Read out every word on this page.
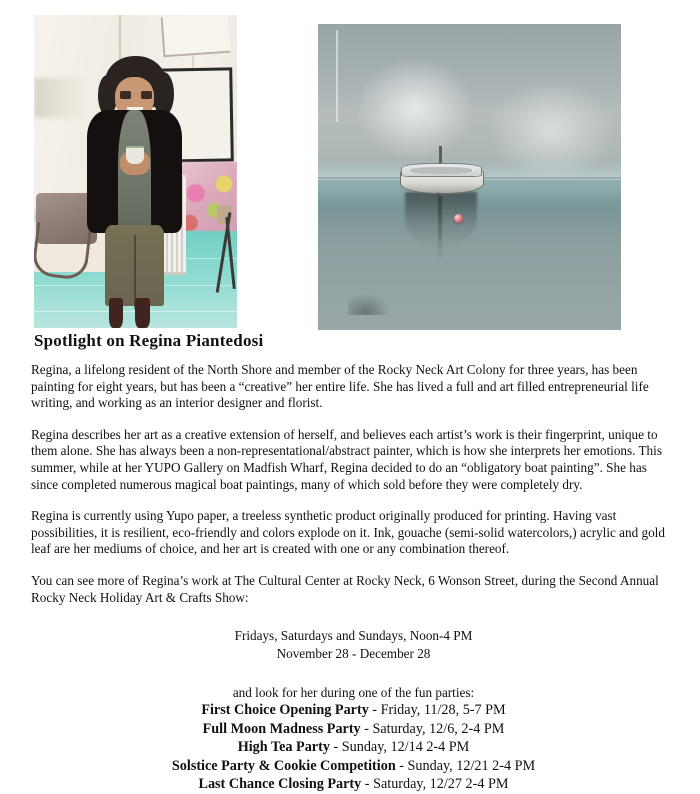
Spotlight on Regina Piantedosi

Regina, a lifelong resident of the North Shore and member of the Rocky Neck Art Colony for three years, has been painting for eight years, but has been a “creative” her entire life. She has lived a full and art filled entrepreneurial life writing, and working as an interior designer and florist.

Regina describes her art as a creative extension of herself, and believes each artist’s work is their fingerprint, unique to them alone. She has always been a non-representational/abstract painter, which is how she interprets her emotions. This summer, while at her YUPO Gallery on Madfish Wharf, Regina decided to do an “obligatory boat painting”. She has since completed numerous magical boat paintings, many of which sold before they were completely dry.

Regina is currently using Yupo paper, a treeless synthetic product originally produced for printing. Having vast possibilities, it is resilient, eco-friendly and colors explode on it. Ink, gouache (semi-solid watercolors,) acrylic and gold leaf are her mediums of choice, and her art is created with one or any combination thereof.

You can see more of Regina’s work at The Cultural Center at Rocky Neck, 6 Wonson Street, during the Second Annual Rocky Neck Holiday Art & Crafts Show:

Fridays, Saturdays and Sundays, Noon-4 PM
November 28 - December 28
and look for her during one of the fun parties:
First Choice Opening Party - Friday, 11/28, 5-7 PM
Full Moon Madness Party - Saturday, 12/6, 2-4 PM
High Tea Party - Sunday, 12/14 2-4 PM
Solstice Party & Cookie Competition - Sunday, 12/21 2-4 PM
Last Chance Closing Party - Saturday, 12/27 2-4 PM
